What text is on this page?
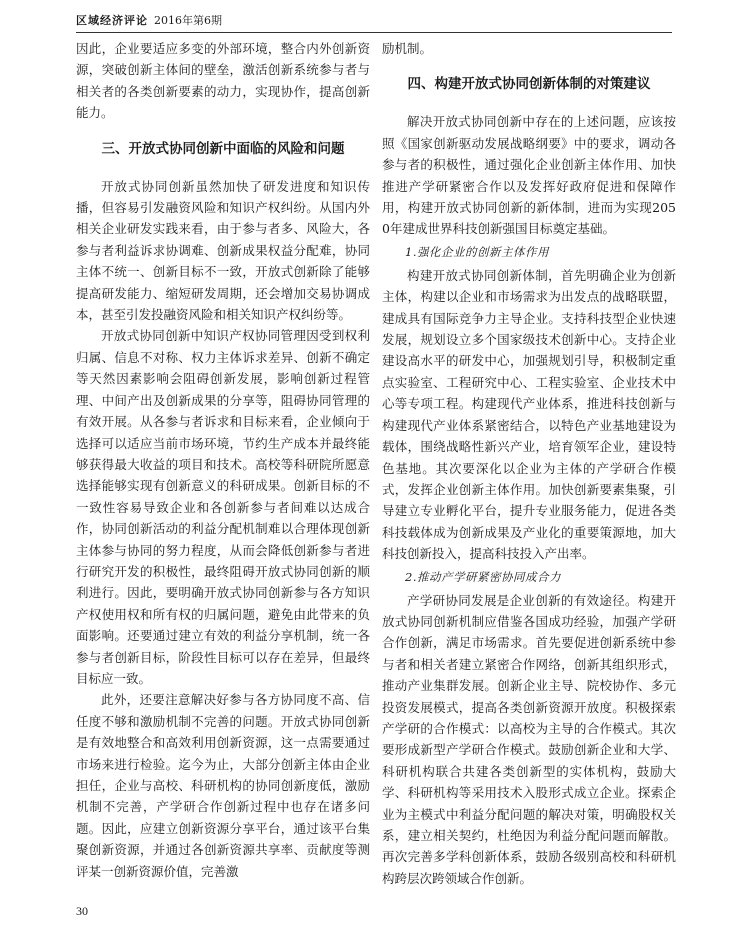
区域经济评论 2016年第6期

因此，企业要适应多变的外部环境，整合内外创新资源，突破创新主体间的壁垒，激活创新系统参与者与相关者的各类创新要素的动力，实现协作，提高创新能力。

三、开放式协同创新中面临的风险和问题

开放式协同创新虽然加快了研发进度和知识传播，但容易引发融资风险和知识产权纠纷。从国内外相关企业研发实践来看，由于参与者多、风险大，各参与者利益诉求协调难、创新成果权益分配难，协同主体不统一、创新目标不一致，开放式创新除了能够提高研发能力、缩短研发周期，还会增加交易协调成本，甚至引发投融资风险和相关知识产权纠纷等。

开放式协同创新中知识产权协同管理因受到权利归属、信息不对称、权力主体诉求差异、创新不确定等天然因素影响会阻碍创新发展，影响创新过程管理、中间产出及创新成果的分享等，阻碍协同管理的有效开展。从各参与者诉求和目标来看，企业倾向于选择可以适应当前市场环境，节约生产成本并最终能够获得最大收益的项目和技术。高校等科研院所愿意选择能够实现有创新意义的科研成果。创新目标的不一致性容易导致企业和各创新参与者间难以达成合作，协同创新活动的利益分配机制难以合理体现创新主体参与协同的努力程度，从而会降低创新参与者进行研究开发的积极性，最终阻碍开放式协同创新的顺利进行。因此，要明确开放式协同创新参与各方知识产权使用权和所有权的归属问题，避免由此带来的负面影响。还要通过建立有效的利益分享机制，统一各参与者创新目标，阶段性目标可以存在差异，但最终目标应一致。

此外，还要注意解决好参与各方协同度不高、信任度不够和激励机制不完善的问题。开放式协同创新是有效地整合和高效利用创新资源，这一点需要通过市场来进行检验。迄今为止，大部分创新主体由企业担任，企业与高校、科研机构的协同创新度低，激励机制不完善，产学研合作创新过程中也存在诸多问题。因此，应建立创新资源分享平台，通过该平台集聚创新资源，并通过各创新资源共享率、贡献度等测评某一创新资源价值，完善激

励机制。

四、构建开放式协同创新体制的对策建议

解决开放式协同创新中存在的上述问题，应该按照《国家创新驱动发展战略纲要》中的要求，调动各参与者的积极性，通过强化企业创新主体作用、加快推进产学研紧密合作以及发挥好政府促进和保障作用，构建开放式协同创新的新体制，进而为实现2050年建成世界科技创新强国目标奠定基础。

1.强化企业的创新主体作用

构建开放式协同创新体制，首先明确企业为创新主体，构建以企业和市场需求为出发点的战略联盟，建成具有国际竞争力主导企业。支持科技型企业快速发展，规划设立多个国家级技术创新中心。支持企业建设高水平的研发中心，加强规划引导，积极制定重点实验室、工程研究中心、工程实验室、企业技术中心等专项工程。构建现代产业体系，推进科技创新与构建现代产业体系紧密结合，以特色产业基地建设为载体，围绕战略性新兴产业，培育领军企业，建设特色基地。其次要深化以企业为主体的产学研合作模式，发挥企业创新主体作用。加快创新要素集聚，引导建立专业孵化平台，提升专业服务能力，促进各类科技载体成为创新成果及产业化的重要策源地，加大科技创新投入，提高科技投入产出率。

2.推动产学研紧密协同成合力

产学研协同发展是企业创新的有效途径。构建开放式协同创新机制应借鉴各国成功经验，加强产学研合作创新，满足市场需求。首先要促进创新系统中参与者和相关者建立紧密合作网络，创新其组织形式，推动产业集群发展。创新企业主导、院校协作、多元投资发展模式，提高各类创新资源开放度。积极探索产学研的合作模式：以高校为主导的合作模式。其次要形成新型产学研合作模式。鼓励创新企业和大学、科研机构联合共建各类创新型的实体机构，鼓励大学、科研机构等采用技术入股形式成立企业。探索企业为主模式中利益分配问题的解决对策，明确股权关系，建立相关契约，杜绝因为利益分配问题而解散。再次完善多学科创新体系，鼓励各级别高校和科研机构跨层次跨领域合作创新。

30
